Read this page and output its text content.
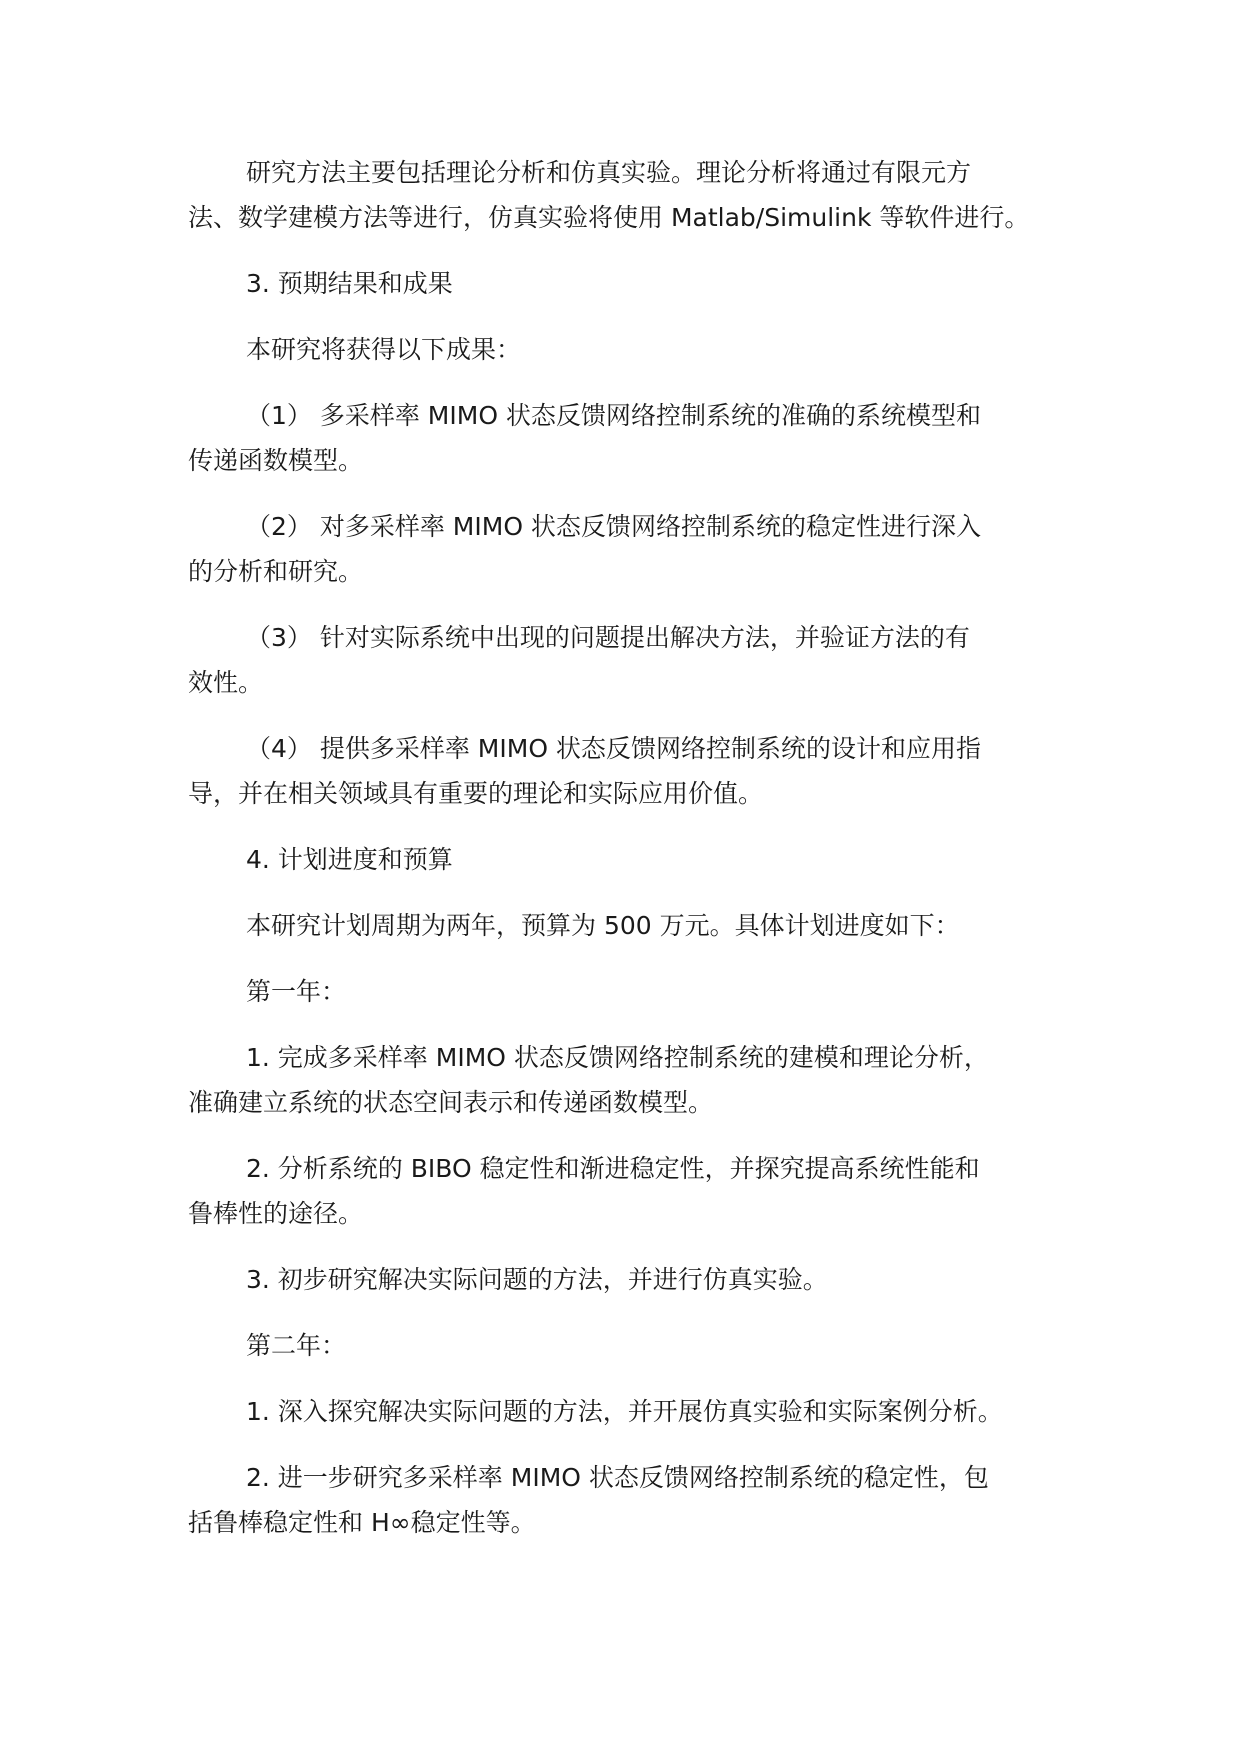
研究方法主要包括理论分析和仿真实验。理论分析将通过有限元方
法、数学建模方法等进行，仿真实验将使用 Matlab/Simulink 等软件进行。

3. 预期结果和成果

本研究将获得以下成果：

（1） 多采样率 MIMO 状态反馈网络控制系统的准确的系统模型和
传递函数模型。

（2） 对多采样率 MIMO 状态反馈网络控制系统的稳定性进行深入
的分析和研究。

（3） 针对实际系统中出现的问题提出解决方法，并验证方法的有
效性。

（4） 提供多采样率 MIMO 状态反馈网络控制系统的设计和应用指
导，并在相关领域具有重要的理论和实际应用价值。

4. 计划进度和预算

本研究计划周期为两年，预算为 500 万元。具体计划进度如下：

第一年：

1. 完成多采样率 MIMO 状态反馈网络控制系统的建模和理论分析，
准确建立系统的状态空间表示和传递函数模型。

2. 分析系统的 BIBO 稳定性和渐进稳定性，并探究提高系统性能和
鲁棒性的途径。

3. 初步研究解决实际问题的方法，并进行仿真实验。

第二年：

1. 深入探究解决实际问题的方法，并开展仿真实验和实际案例分析。

2. 进一步研究多采样率 MIMO 状态反馈网络控制系统的稳定性，包
括鲁棒稳定性和 H∞稳定性等。
